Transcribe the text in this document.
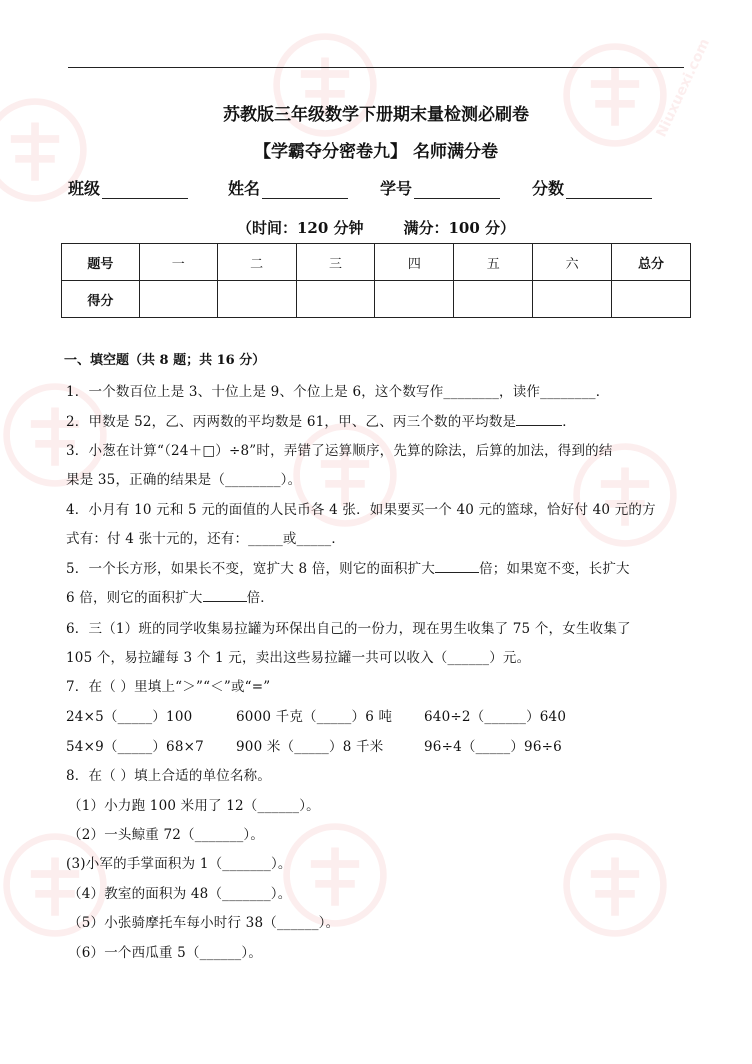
Niuxuexi.com
苏教版三年级数学下册期末量检测必刷卷
【学霸夺分密卷九】 名师满分卷
班级	姓名	学号	分数
（时间：120 分钟	满分：100 分）
题号	一	二	三	四	五	六	总分
得分							
一、填空题（共 8 题；共 16 分）
1．一个数百位上是 3、十位上是 9、个位上是 6，这个数写作________，读作________．
2．甲数是 52，乙、丙两数的平均数是 61，甲、乙、丙三个数的平均数是	．
3．小葱在计算“（24＋□）÷8”时，弄错了运算顺序，先算的除法，后算的加法，得到的结
果是 35，正确的结果是（________）。
4．小月有 10 元和 5 元的面值的人民币各 4 张．如果要买一个 40 元的篮球，恰好付 40 元的方
式有：付 4 张十元的，还有：_____或_____．
5．一个长方形，如果长不变，宽扩大 8 倍，则它的面积扩大	倍；如果宽不变，长扩大
6 倍，则它的面积扩大	倍．
6．三（1）班的同学收集易拉罐为环保出自己的一份力，现在男生收集了 75 个，女生收集了
105 个，易拉罐每 3 个 1 元，卖出这些易拉罐一共可以收入（______）元。
7．在（ ）里填上“＞”“＜”或“=”
24×5（_____）100	6000 千克（_____）6 吨 640÷2（______）640
54×9（_____）68×7 900 米（_____）8 千米	96÷4（_____）96÷6
8．在（ ）填上合适的单位名称。
（1）小力跑 100 米用了 12（______）。
（2）一头鲸重 72（_______）。
(3)小军的手掌面积为 1（_______）。
（4）教室的面积为 48（_______）。
（5）小张骑摩托车每小时行 38（______）。
（6）一个西瓜重 5（______）。
